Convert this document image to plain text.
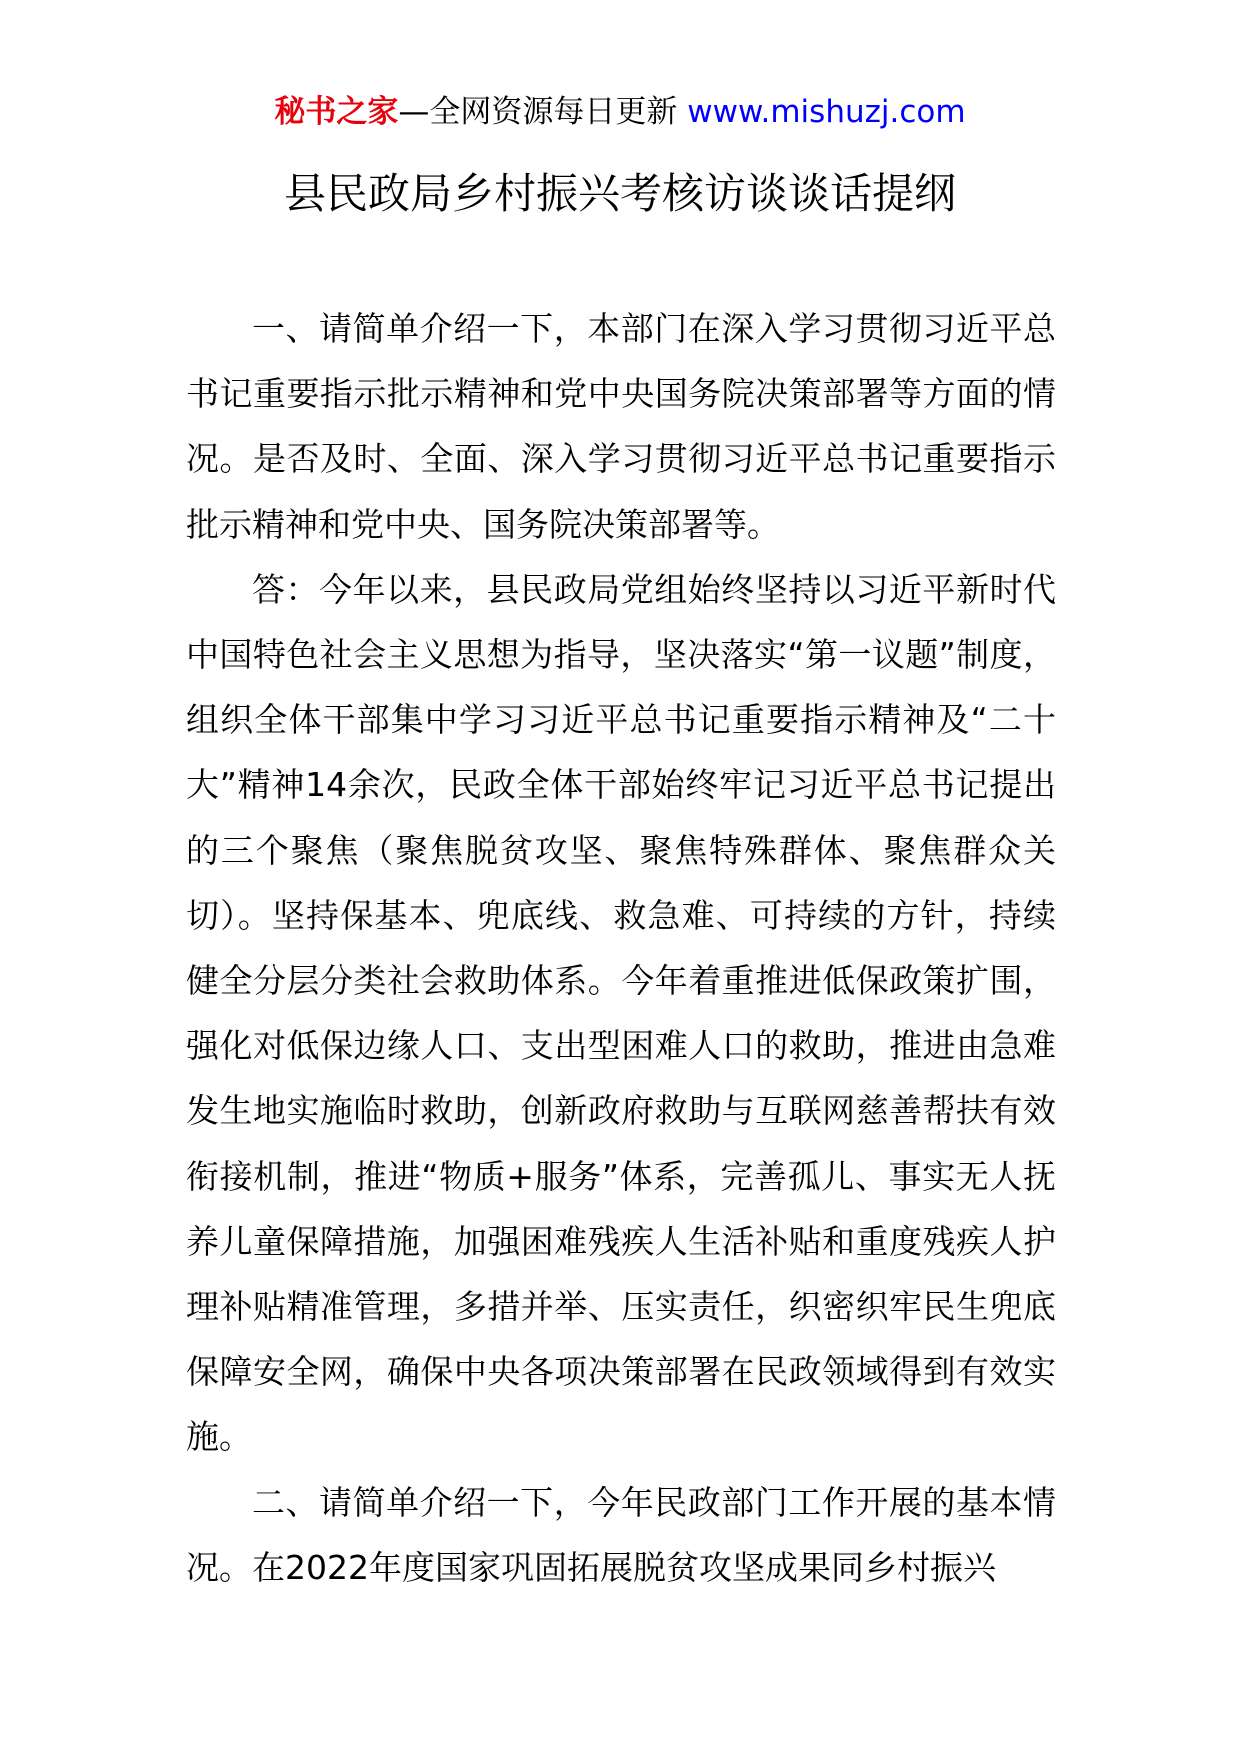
秘书之家—全网资源每日更新 www.mishuzj.com
县民政局乡村振兴考核访谈谈话提纲

一、请简单介绍一下，本部门在深入学习贯彻习近平总书记重要指示批示精神和党中央国务院决策部署等方面的情况。是否及时、全面、深入学习贯彻习近平总书记重要指示批示精神和党中央、国务院决策部署等。

答：今年以来，县民政局党组始终坚持以习近平新时代中国特色社会主义思想为指导，坚决落实“第一议题”制度，组织全体干部集中学习习近平总书记重要指示精神及“二十大”精神14余次，民政全体干部始终牢记习近平总书记提出的三个聚焦（聚焦脱贫攻坚、聚焦特殊群体、聚焦群众关切）。坚持保基本、兜底线、救急难、可持续的方针，持续健全分层分类社会救助体系。今年着重推进低保政策扩围，强化对低保边缘人口、支出型困难人口的救助，推进由急难发生地实施临时救助，创新政府救助与互联网慈善帮扶有效衔接机制，推进“物质+服务”体系，完善孤儿、事实无人抚养儿童保障措施，加强困难残疾人生活补贴和重度残疾人护理补贴精准管理，多措并举、压实责任，织密织牢民生兜底保障安全网，确保中央各项决策部署在民政领域得到有效实施。

二、请简单介绍一下，今年民政部门工作开展的基本情况。在2022年度国家巩固拓展脱贫攻坚成果同乡村振兴
